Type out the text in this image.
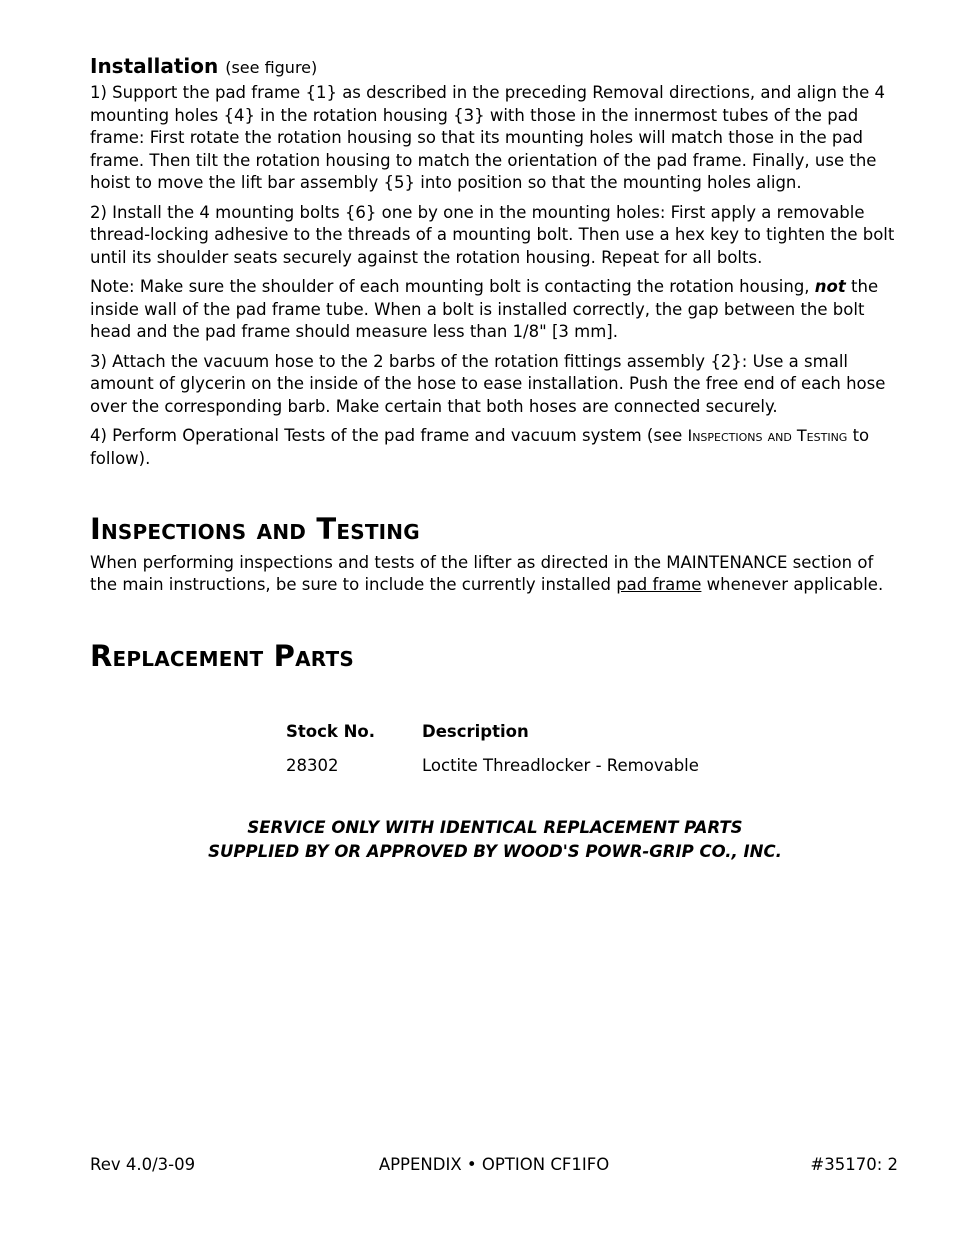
Installation (see figure)

1) Support the pad frame {1} as described in the preceding Removal directions, and align the 4 mounting holes {4} in the rotation housing {3} with those in the innermost tubes of the pad frame: First rotate the rotation housing so that its mounting holes will match those in the pad frame. Then tilt the rotation housing to match the orientation of the pad frame. Finally, use the hoist to move the lift bar assembly {5} into position so that the mounting holes align.

2) Install the 4 mounting bolts {6} one by one in the mounting holes: First apply a removable thread-locking adhesive to the threads of a mounting bolt. Then use a hex key to tighten the bolt until its shoulder seats securely against the rotation housing. Repeat for all bolts.

Note: Make sure the shoulder of each mounting bolt is contacting the rotation housing, not the inside wall of the pad frame tube. When a bolt is installed correctly, the gap between the bolt head and the pad frame should measure less than 1/8" [3 mm].

3) Attach the vacuum hose to the 2 barbs of the rotation fittings assembly {2}: Use a small amount of glycerin on the inside of the hose to ease installation. Push the free end of each hose over the corresponding barb. Make certain that both hoses are connected securely.

4) Perform Operational Tests of the pad frame and vacuum system (see Inspections and Testing to follow).

Inspections and Testing

When performing inspections and tests of the lifter as directed in the MAINTENANCE section of the main instructions, be sure to include the currently installed pad frame whenever applicable.

Replacement Parts
Stock No.	Description
28302	Loctite Threadlocker - Removable
SERVICE ONLY WITH IDENTICAL REPLACEMENT PARTS
SUPPLIED BY OR APPROVED BY WOOD'S POWR-GRIP CO., INC.
Rev 4.0/3-09	APPENDIX • OPTION CF1IFO	#35170: 2
